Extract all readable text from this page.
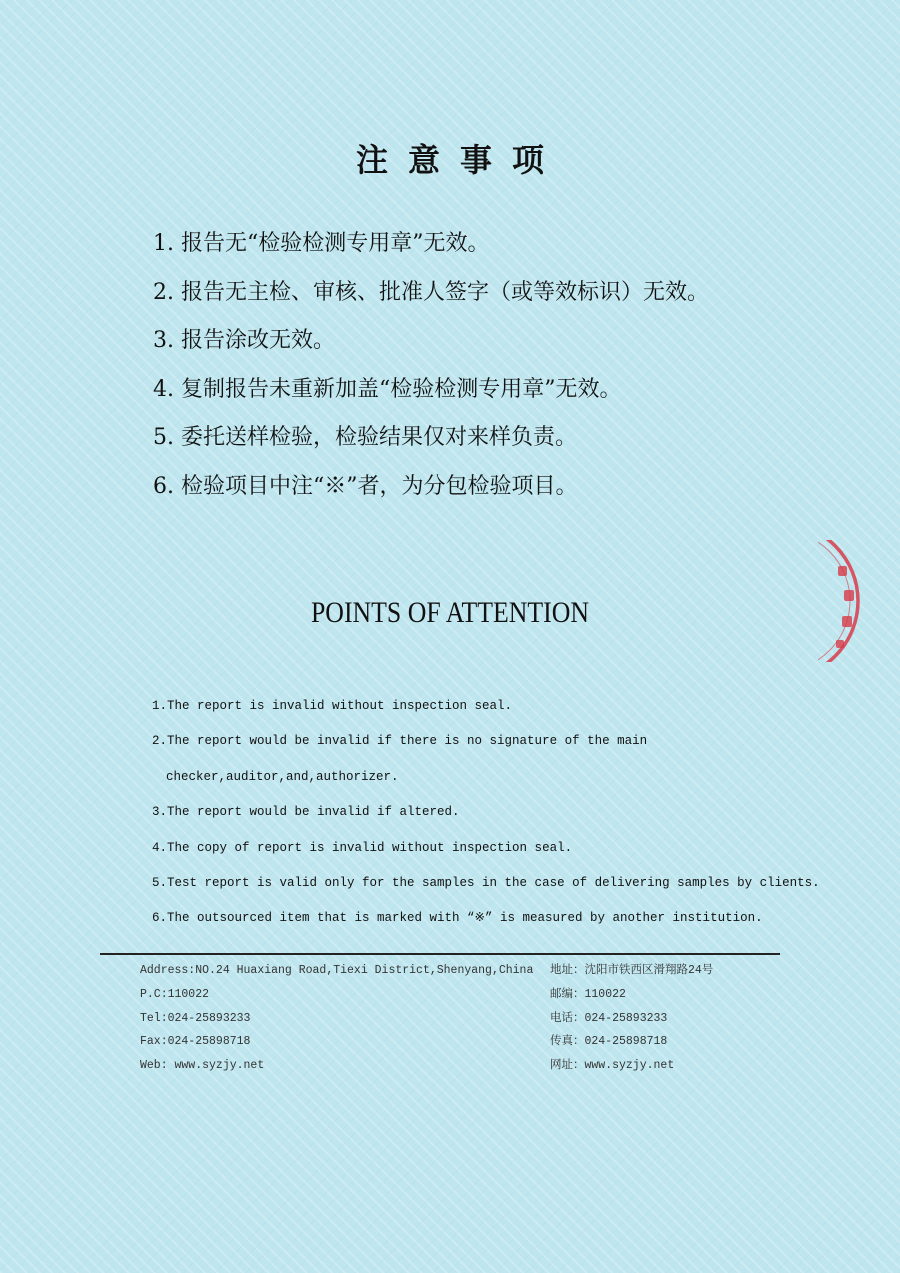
注意事项
1. 报告无“检验检测专用章”无效。
2. 报告无主检、审核、批准人签字（或等效标识）无效。
3. 报告涂改无效。
4. 复制报告未重新加盖“检验检测专用章”无效。
5. 委托送样检验，检验结果仅对来样负责。
6. 检验项目中注“※”者，为分包检验项目。
POINTS OF ATTENTION
1.The report is invalid without inspection seal.
2.The report would be invalid if there is no signature of the main
checker,auditor,and,authorizer.
3.The report would be invalid if altered.
4.The copy of report is invalid without inspection seal.
5.Test report is valid only for the samples in the case of delivering samples by clients.
6.The outsourced item that is marked with “※” is measured by another institution.
Address:NO.24 Huaxiang Road,Tiexi District,Shenyang,China
P.C:110022
Tel:024-25893233
Fax:024-25898718
Web: www.syzjy.net
地址：沈阳市铁西区滑翔路24号
邮编：110022
电话：024-25893233
传真：024-25898718
网址：www.syzjy.net
